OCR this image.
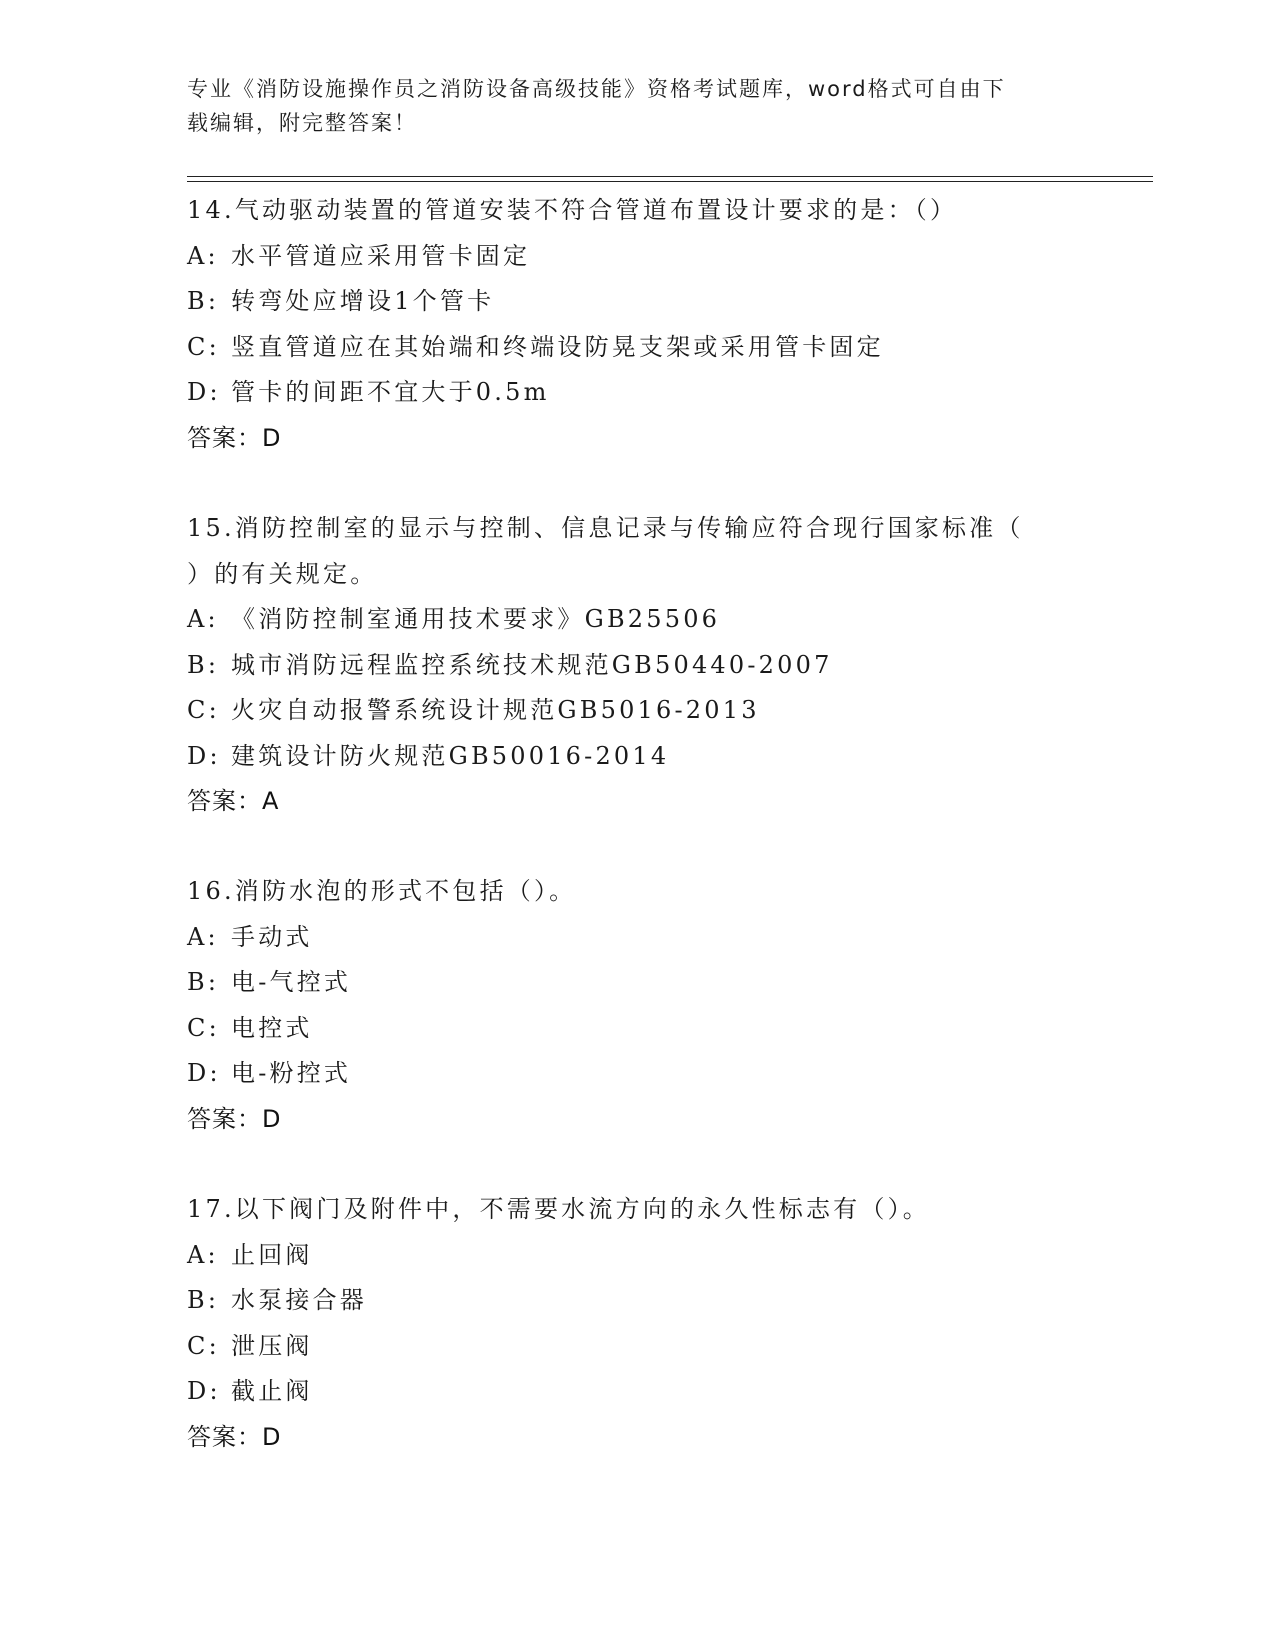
专业《消防设施操作员之消防设备高级技能》资格考试题库，word格式可自由下
载编辑，附完整答案！
14.气动驱动装置的管道安装不符合管道布置设计要求的是：（）
A: 水平管道应采用管卡固定
B: 转弯处应增设1个管卡
C: 竖直管道应在其始端和终端设防晃支架或采用管卡固定
D: 管卡的间距不宜大于0.5m
答案：D
15.消防控制室的显示与控制、信息记录与传输应符合现行国家标准（
）的有关规定。
A: 《消防控制室通用技术要求》GB25506
B: 城市消防远程监控系统技术规范GB50440-2007
C: 火灾自动报警系统设计规范GB5016-2013
D: 建筑设计防火规范GB50016-2014
答案：A
16.消防水泡的形式不包括（）。
A: 手动式
B: 电-气控式
C: 电控式
D: 电-粉控式
答案：D
17.以下阀门及附件中，不需要水流方向的永久性标志有（）。
A: 止回阀
B: 水泵接合器
C: 泄压阀
D: 截止阀
答案：D
